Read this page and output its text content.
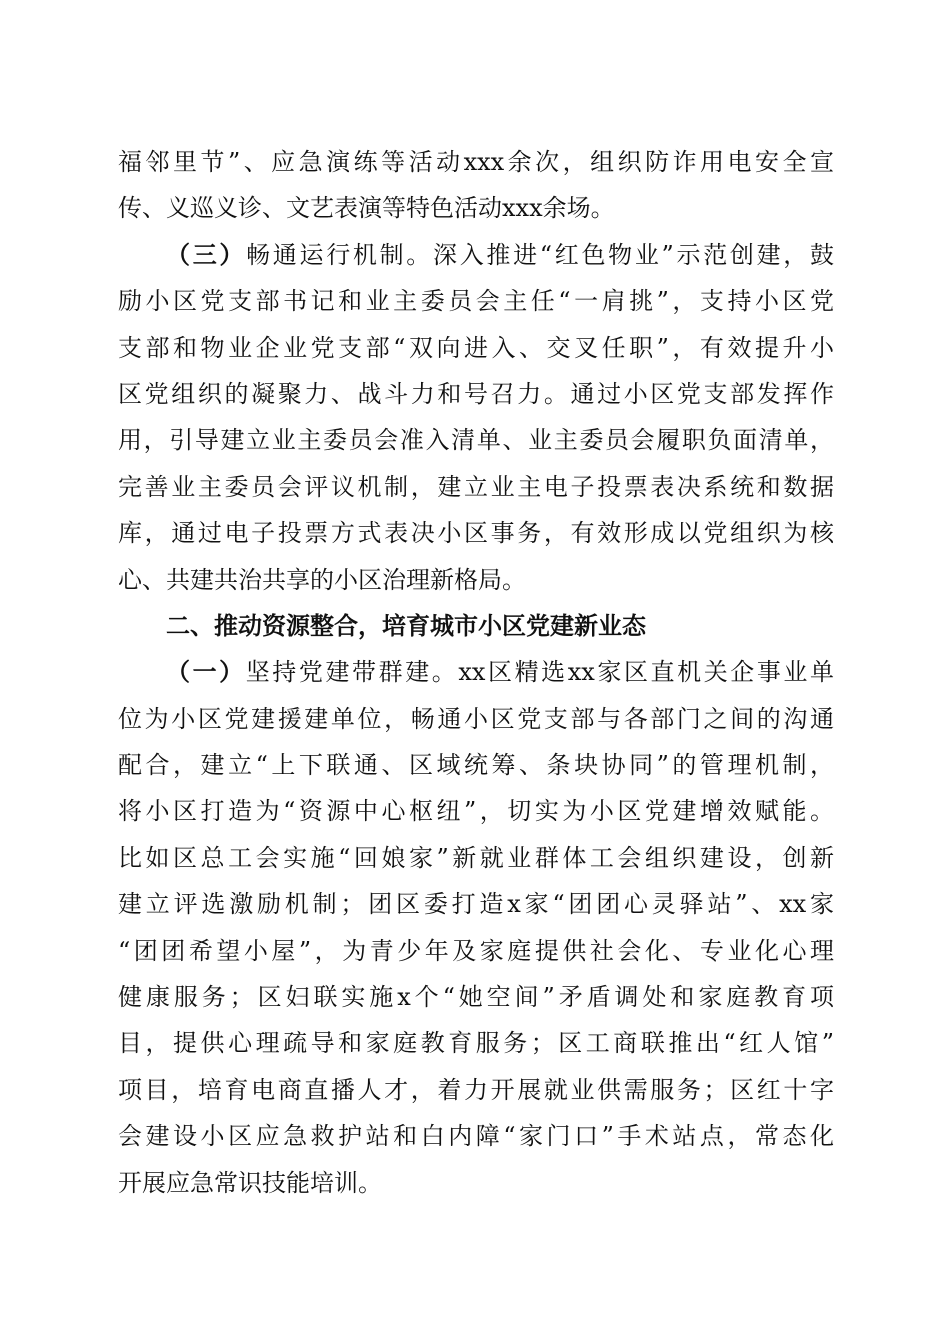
福邻里节”、应急演练等活动xxx余次，组织防诈用电安全宣
传、义巡义诊、文艺表演等特色活动xxx余场。
（三）畅通运行机制。深入推进“红色物业”示范创建，鼓
励小区党支部书记和业主委员会主任“一肩挑”，支持小区党
支部和物业企业党支部“双向进入、交叉任职”，有效提升小
区党组织的凝聚力、战斗力和号召力。通过小区党支部发挥作
用，引导建立业主委员会准入清单、业主委员会履职负面清单，
完善业主委员会评议机制，建立业主电子投票表决系统和数据
库，通过电子投票方式表决小区事务，有效形成以党组织为核
心、共建共治共享的小区治理新格局。
二、推动资源整合，培育城市小区党建新业态
（一）坚持党建带群建。xx区精选xx家区直机关企事业单
位为小区党建援建单位，畅通小区党支部与各部门之间的沟通
配合，建立“上下联通、区域统筹、条块协同”的管理机制，
将小区打造为“资源中心枢纽”，切实为小区党建增效赋能。
比如区总工会实施“回娘家”新就业群体工会组织建设，创新
建立评选激励机制；团区委打造x家“团团心灵驿站”、xx家
“团团希望小屋”，为青少年及家庭提供社会化、专业化心理
健康服务；区妇联实施x个“她空间”矛盾调处和家庭教育项
目，提供心理疏导和家庭教育服务；区工商联推出“红人馆”
项目，培育电商直播人才，着力开展就业供需服务；区红十字
会建设小区应急救护站和白内障“家门口”手术站点，常态化
开展应急常识技能培训。
